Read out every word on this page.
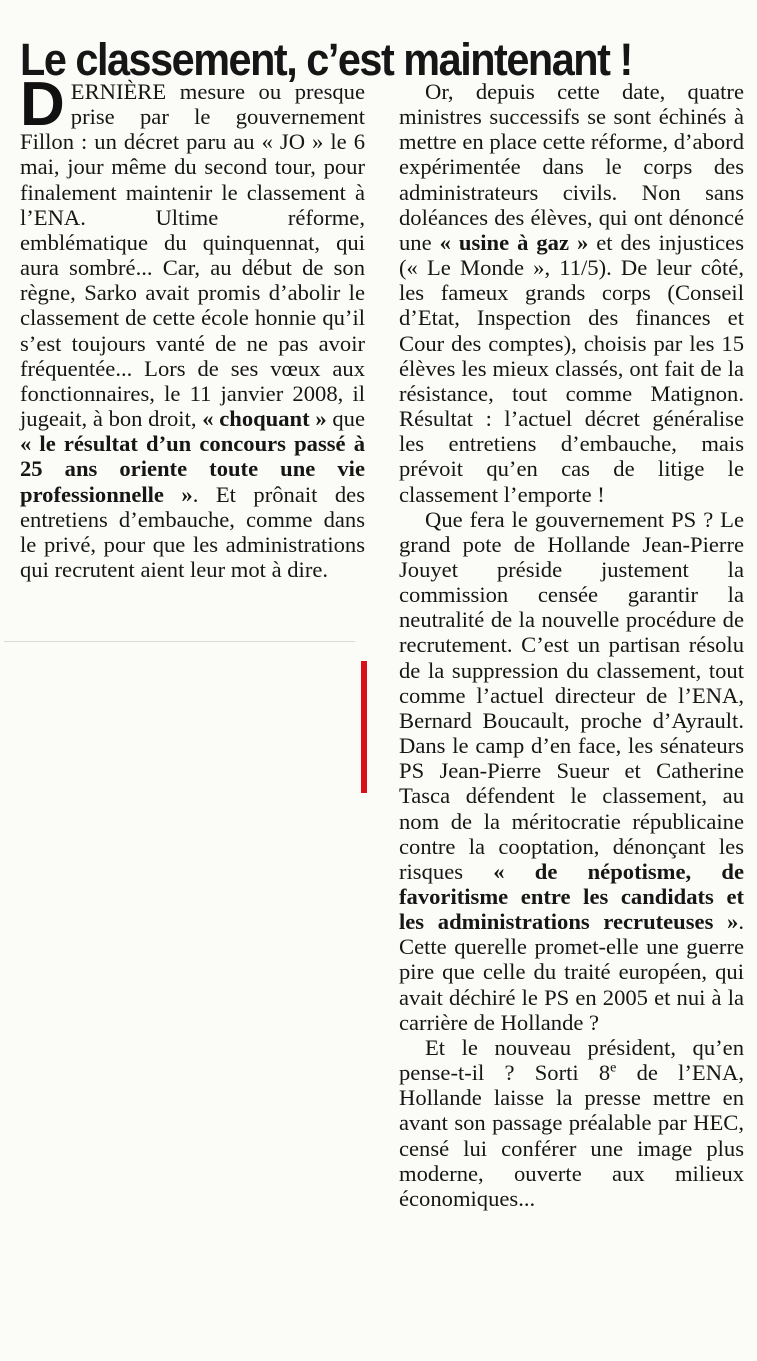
Le classement, c’est maintenant !

DERNIÈRE mesure ou presque prise par le gouvernement Fillon : un décret paru au « JO » le 6 mai, jour même du second tour, pour finalement maintenir le classement à l’ENA. Ultime réforme, emblématique du quinquennat, qui aura sombré... Car, au début de son règne, Sarko avait promis d’abolir le classement de cette école honnie qu’il s’est toujours vanté de ne pas avoir fréquentée... Lors de ses vœux aux fonctionnaires, le 11 janvier 2008, il jugeait, à bon droit, « choquant » que « le résultat d’un concours passé à 25 ans oriente toute une vie professionnelle ». Et prônait des entretiens d’embauche, comme dans le privé, pour que les administrations qui recrutent aient leur mot à dire.

Or, depuis cette date, quatre ministres successifs se sont échinés à mettre en place cette réforme, d’abord expérimentée dans le corps des administrateurs civils. Non sans doléances des élèves, qui ont dénoncé une « usine à gaz » et des injustices (« Le Monde », 11/5). De leur côté, les fameux grands corps (Conseil d’Etat, Inspection des finances et Cour des comptes), choisis par les 15 élèves les mieux classés, ont fait de la résistance, tout comme Matignon. Résultat : l’actuel décret généralise les entretiens d’embauche, mais prévoit qu’en cas de litige le classement l’emporte !

Que fera le gouvernement PS ? Le grand pote de Hollande Jean-Pierre Jouyet préside justement la commission censée garantir la neutralité de la nouvelle procédure de recrutement. C’est un partisan résolu de la suppression du classement, tout comme l’actuel directeur de l’ENA, Bernard Boucault, proche d’Ayrault. Dans le camp d’en face, les sénateurs PS Jean-Pierre Sueur et Catherine Tasca défendent le classement, au nom de la méritocratie républicaine contre la cooptation, dénonçant les risques « de népotisme, de favoritisme entre les candidats et les administrations recruteuses ». Cette querelle promet-elle une guerre pire que celle du traité européen, qui avait déchiré le PS en 2005 et nui à la carrière de Hollande ?

Et le nouveau président, qu’en pense-t-il ? Sorti 8e de l’ENA, Hollande laisse la presse mettre en avant son passage préalable par HEC, censé lui conférer une image plus moderne, ouverte aux milieux économiques...
